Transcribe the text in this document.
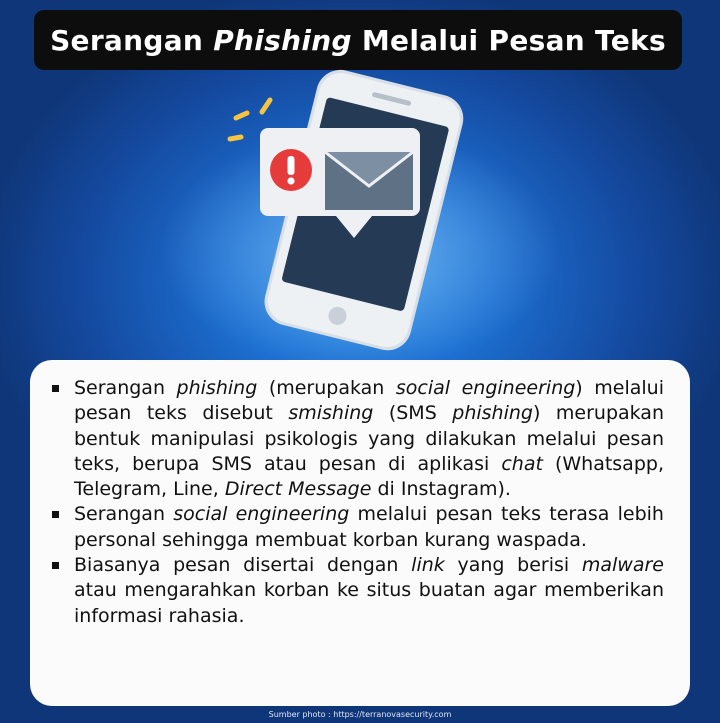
Serangan Phishing Melalui Pesan Teks
Serangan phishing (merupakan social engineering) melalui pesan teks disebut smishing (SMS phishing) merupakan bentuk manipulasi psikologis yang dilakukan melalui pesan teks, berupa SMS atau pesan di aplikasi chat (Whatsapp, Telegram, Line, Direct Message di Instagram).
Serangan social engineering melalui pesan teks terasa lebih personal sehingga membuat korban kurang waspada.
Biasanya pesan disertai dengan link yang berisi malware atau mengarahkan korban ke situs buatan agar memberikan informasi rahasia.
Sumber photo : https://terranovasecurity.com
